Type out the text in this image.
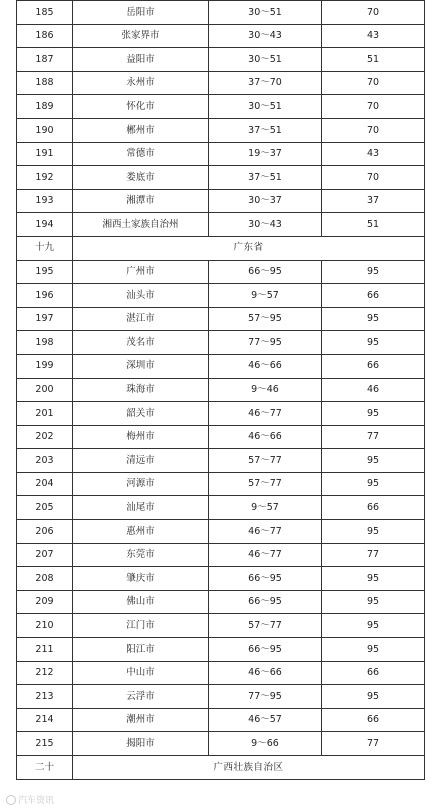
185	岳阳市	30～51	70
186	张家界市	30～43	43
187	益阳市	30～51	51
188	永州市	37～70	70
189	怀化市	30～51	70
190	郴州市	37～51	70
191	常德市	19～37	43
192	娄底市	37～51	70
193	湘潭市	30～37	37
194	湘西土家族自治州	30～43	51
十九	广东省		
195	广州市	66～95	95
196	汕头市	9～57	66
197	湛江市	57～95	95
198	茂名市	77～95	95
199	深圳市	46～66	66
200	珠海市	9～46	46
201	韶关市	46～77	95
202	梅州市	46～66	77
203	清远市	57～77	95
204	河源市	57～77	95
205	汕尾市	9～57	66
206	惠州市	46～77	95
207	东莞市	46～77	77
208	肇庆市	66～95	95
209	佛山市	66～95	95
210	江门市	57～77	95
211	阳江市	66～95	95
212	中山市	46～66	66
213	云浮市	77～95	95
214	潮州市	46～57	66
215	揭阳市	9～66	77
二十	广西壮族自治区		
汽车资讯
